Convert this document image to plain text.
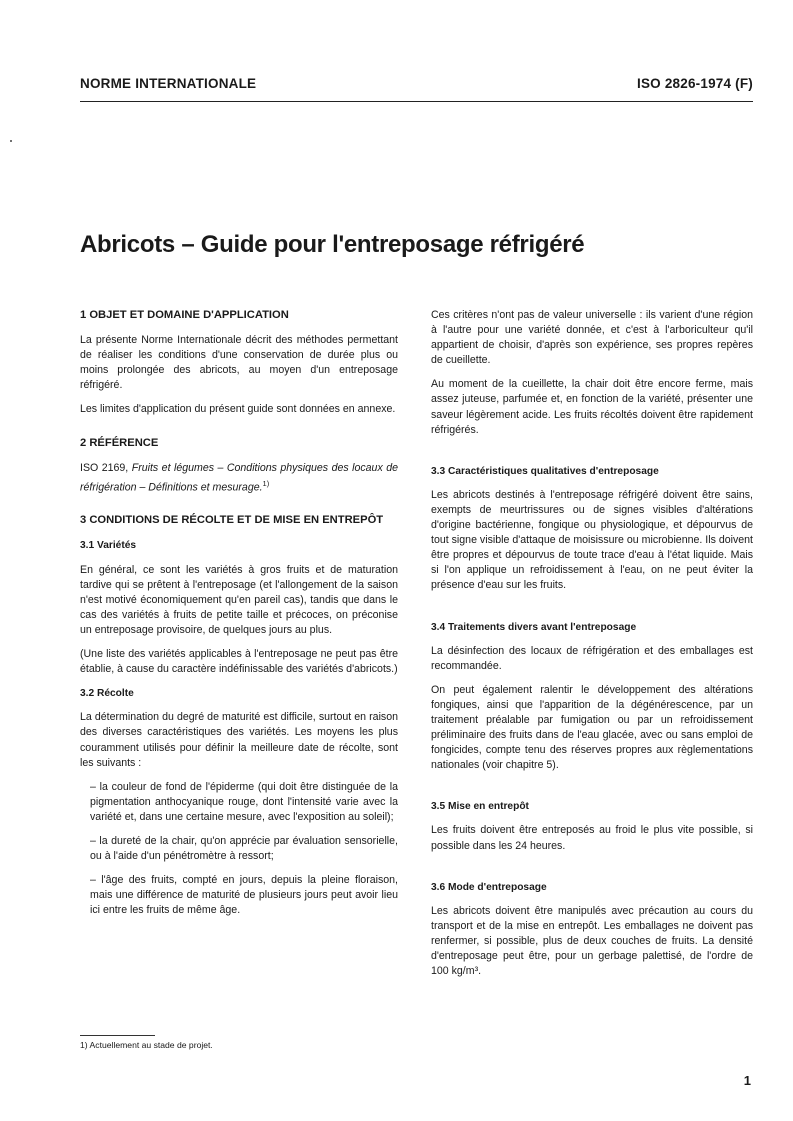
NORME INTERNATIONALE	ISO 2826-1974 (F)
Abricots – Guide pour l'entreposage réfrigéré
1 OBJET ET DOMAINE D'APPLICATION

La présente Norme Internationale décrit des méthodes permettant de réaliser les conditions d'une conservation de durée plus ou moins prolongée des abricots, au moyen d'un entreposage réfrigéré.

Les limites d'application du présent guide sont données en annexe.

2 RÉFÉRENCE

ISO 2169, Fruits et légumes – Conditions physiques des locaux de réfrigération – Définitions et mesurage.$^{1)}$

3 CONDITIONS DE RÉCOLTE ET DE MISE EN ENTREPÔT
3.1 Variétés

En général, ce sont les variétés à gros fruits et de maturation tardive qui se prêtent à l'entreposage (et l'allongement de la saison n'est motivé économiquement qu'en pareil cas), tandis que dans le cas des variétés à fruits de petite taille et précoces, on préconise un entreposage provisoire, de quelques jours au plus.

(Une liste des variétés applicables à l'entreposage ne peut pas être établie, à cause du caractère indéfinissable des variétés d'abricots.)

3.2 Récolte

La détermination du degré de maturité est difficile, surtout en raison des diverses caractéristiques des variétés. Les moyens les plus couramment utilisés pour définir la meilleure date de récolte, sont les suivants :

– la couleur de fond de l'épiderme (qui doit être distinguée de la pigmentation anthocyanique rouge, dont l'intensité varie avec la variété et, dans une certaine mesure, avec l'exposition au soleil);

– la dureté de la chair, qu'on apprécie par évaluation sensorielle, ou à l'aide d'un pénétromètre à ressort;

– l'âge des fruits, compté en jours, depuis la pleine floraison, mais une différence de maturité de plusieurs jours peut avoir lieu ici entre les fruits de même âge.

Ces critères n'ont pas de valeur universelle : ils varient d'une région à l'autre pour une variété donnée, et c'est à l'arboriculteur qu'il appartient de choisir, d'après son expérience, ses propres repères de cueillette.

Au moment de la cueillette, la chair doit être encore ferme, mais assez juteuse, parfumée et, en fonction de la variété, présenter une saveur légèrement acide. Les fruits récoltés doivent être rapidement réfrigérés.

3.3 Caractéristiques qualitatives d'entreposage

Les abricots destinés à l'entreposage réfrigéré doivent être sains, exempts de meurtrissures ou de signes visibles d'altérations d'origine bactérienne, fongique ou physiologique, et dépourvus de tout signe visible d'attaque de moisissure ou microbienne. Ils doivent être propres et dépourvus de toute trace d'eau à l'état liquide. Mais si l'on applique un refroidissement à l'eau, on ne peut éviter la présence d'eau sur les fruits.

3.4 Traitements divers avant l'entreposage

La désinfection des locaux de réfrigération et des emballages est recommandée.

On peut également ralentir le développement des altérations fongiques, ainsi que l'apparition de la dégénérescence, par un traitement préalable par fumigation ou par un refroidissement préliminaire des fruits dans de l'eau glacée, avec ou sans emploi de fongicides, compte tenu des réserves propres aux règlementations nationales (voir chapitre 5).

3.5 Mise en entrepôt

Les fruits doivent être entreposés au froid le plus vite possible, si possible dans les 24 heures.

3.6 Mode d'entreposage

Les abricots doivent être manipulés avec précaution au cours du transport et de la mise en entrepôt. Les emballages ne doivent pas renfermer, si possible, plus de deux couches de fruits. La densité d'entreposage peut être, pour un gerbage palettisé, de l'ordre de 100 kg/m³.

1) Actuellement au stade de projet.
1
